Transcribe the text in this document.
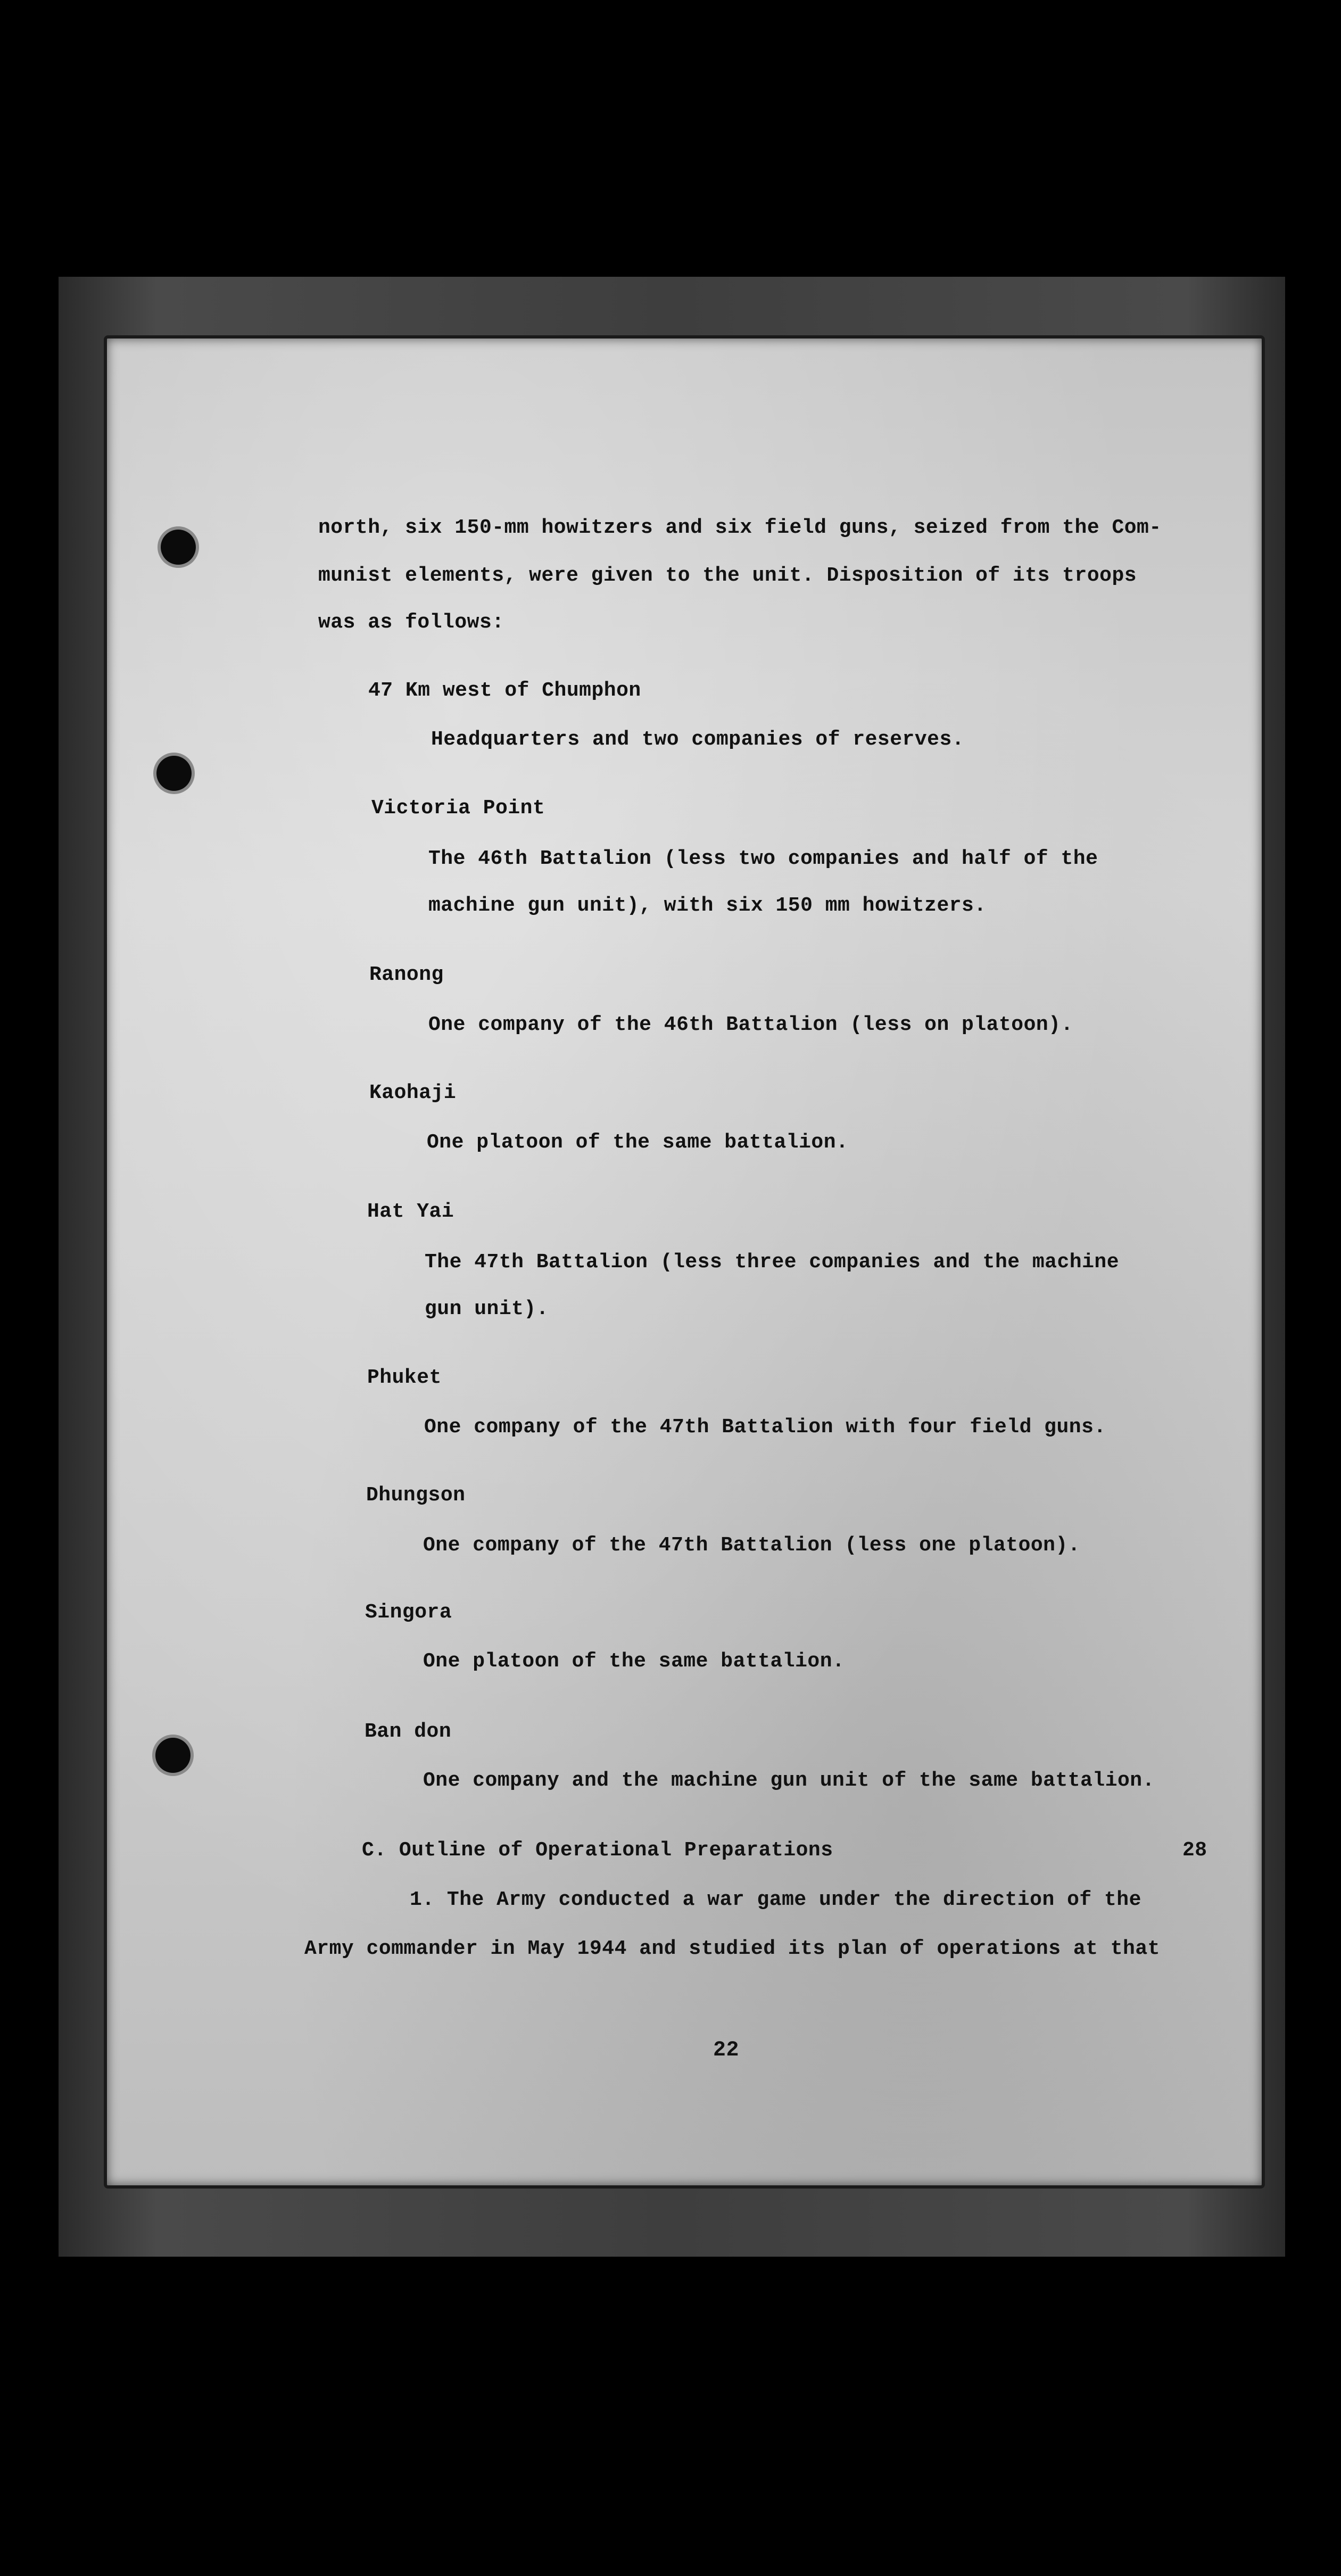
north, six 150-mm howitzers and six field guns, seized from the Com-
munist elements, were given to the unit. Disposition of its troops
was as follows:
47 Km west of Chumphon
Headquarters and two companies of reserves.
Victoria Point
The 46th Battalion (less two companies and half of the
machine gun unit), with six 150 mm howitzers.
Ranong
One company of the 46th Battalion (less on platoon).
Kaohaji
One platoon of the same battalion.
Hat Yai
The 47th Battalion (less three companies and the machine
gun unit).
Phuket
One company of the 47th Battalion with four field guns.
Dhungson
One company of the 47th Battalion (less one platoon).
Singora
One platoon of the same battalion.
Ban don
One company and the machine gun unit of the same battalion.
C. Outline of Operational Preparations	28
1. The Army conducted a war game under the direction of the
Army commander in May 1944 and studied its plan of operations at that
22
